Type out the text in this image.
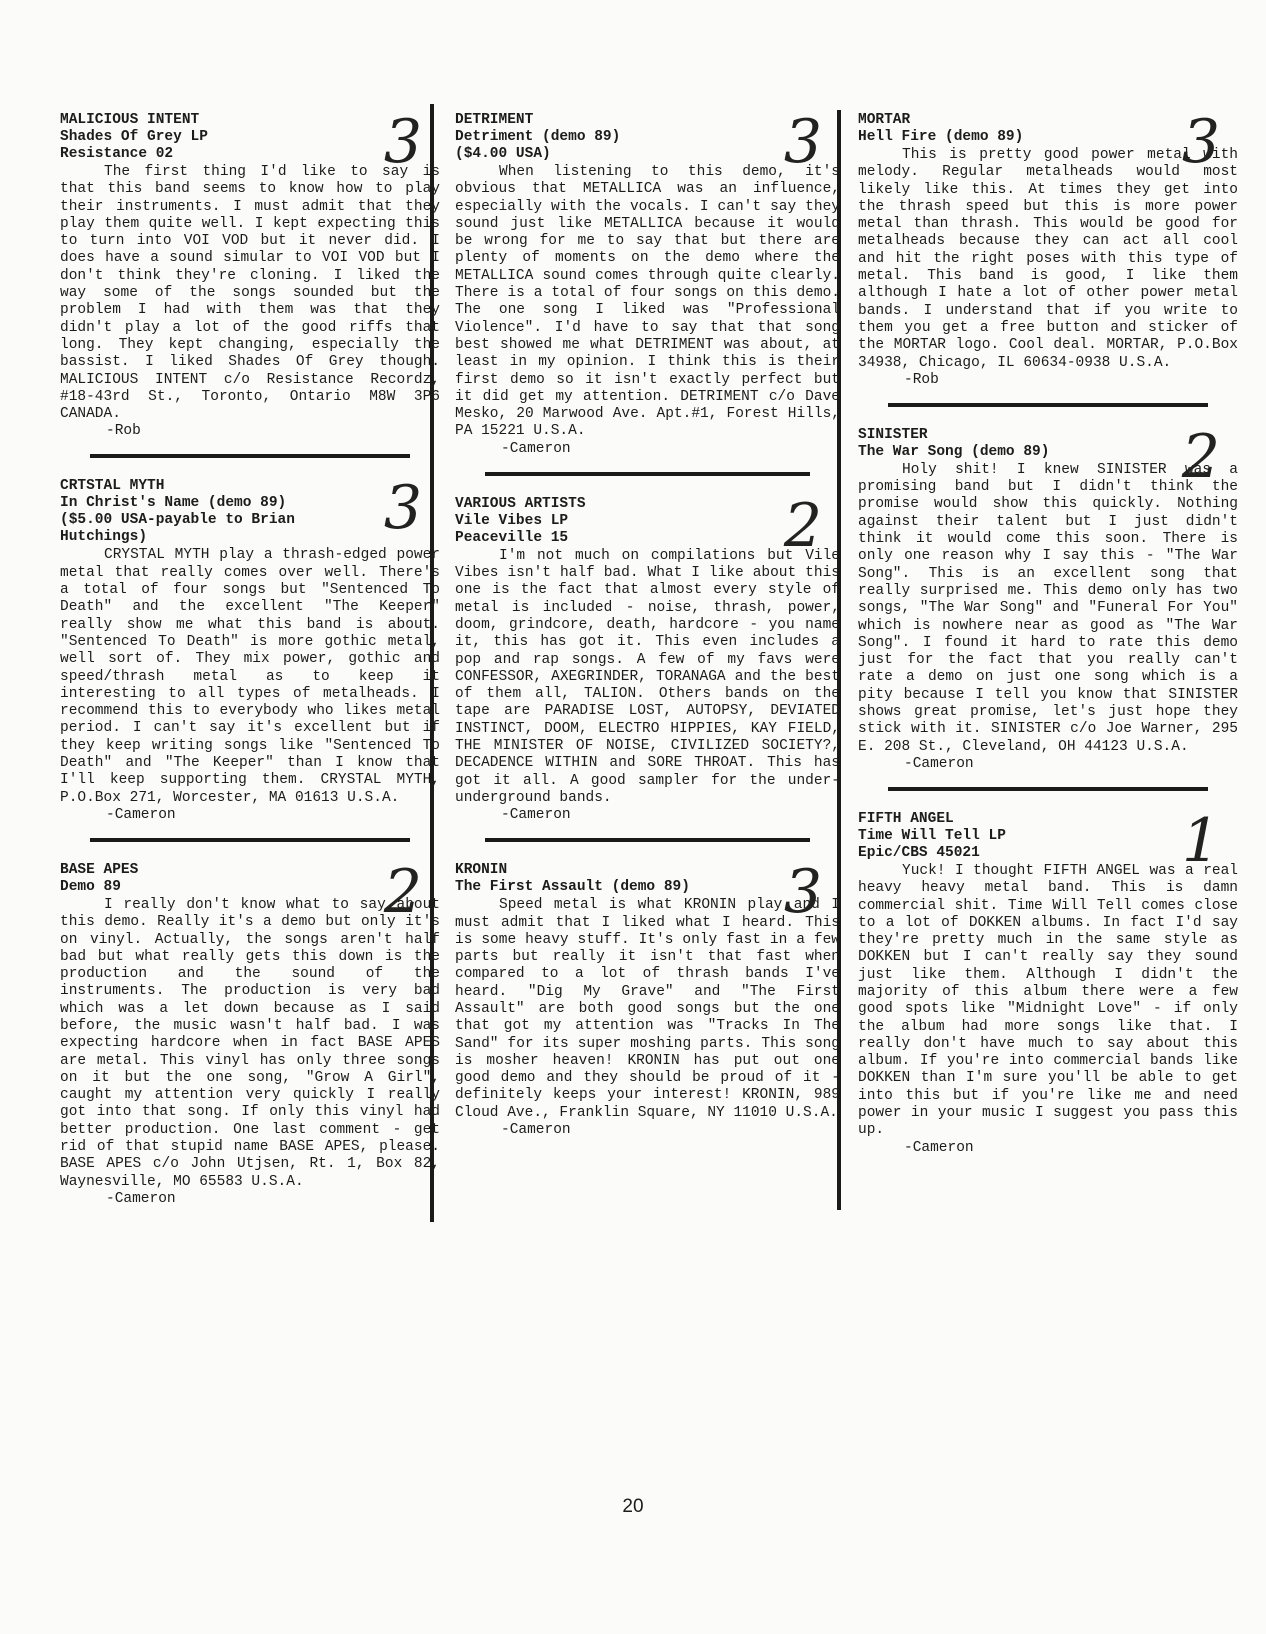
MALICIOUS INTENT
Shades Of Grey LP
Resistance 02	3
The first thing I'd like to say is that this band seems to know how to play their instruments. I must admit that they play them quite well. I kept expecting this to turn into VOI VOD but it never did. I does have a sound simular to VOI VOD but I don't think they're cloning. I liked the way some of the songs sounded but the problem I had with them was that they didn't play a lot of the good riffs that long. They kept changing, especially the bassist. I liked Shades Of Grey though. MALICIOUS INTENT c/o Resistance Recordz, #18-43rd St., Toronto, Ontario M8W 3P6 CANADA.
-Rob
CRTSTAL MYTH
In Christ's Name (demo 89)
($5.00 USA-payable to Brian
Hutchings)	3
CRYSTAL MYTH play a thrash-edged power metal that really comes over well. There's a total of four songs but "Sentenced To Death" and the excellent "The Keeper" really show me what this band is about. "Sentenced To Death" is more gothic metal, well sort of. They mix power, gothic and speed/thrash metal as to keep it interesting to all types of metalheads. I recommend this to everybody who likes metal period. I can't say it's excellent but if they keep writing songs like "Sentenced To Death" and "The Keeper" than I know that I'll keep supporting them. CRYSTAL MYTH, P.O.Box 271, Worcester, MA 01613 U.S.A.
-Cameron
BASE APES
Demo 89	2
I really don't know what to say about this demo. Really it's a demo but only it's on vinyl. Actually, the songs aren't half bad but what really gets this down is the production and the sound of the instruments. The production is very bad which was a let down because as I said before, the music wasn't half bad. I was expecting hardcore when in fact BASE APES are metal. This vinyl has only three songs on it but the one song, "Grow A Girl", caught my attention very quickly I really got into that song. If only this vinyl had better production. One last comment - get rid of that stupid name BASE APES, please. BASE APES c/o John Utjsen, Rt. 1, Box 82, Waynesville, MO 65583 U.S.A.
-Cameron
DETRIMENT
Detriment (demo 89)
($4.00 USA)	3
When listening to this demo, it's obvious that METALLICA was an influence, especially with the vocals. I can't say they sound just like METALLICA because it would be wrong for me to say that but there are plenty of moments on the demo where the METALLICA sound comes through quite clearly. There is a total of four songs on this demo. The one song I liked was "Professional Violence". I'd have to say that that song best showed me what DETRIMENT was about, at least in my opinion. I think this is their first demo so it isn't exactly perfect but it did get my attention. DETRIMENT c/o Dave Mesko, 20 Marwood Ave. Apt.#1, Forest Hills, PA 15221 U.S.A.
-Cameron
VARIOUS ARTISTS
Vile Vibes LP
Peaceville 15	2
I'm not much on compilations but Vile Vibes isn't half bad. What I like about this one is the fact that almost every style of metal is included - noise, thrash, power, doom, grindcore, death, hardcore - you name it, this has got it. This even includes a pop and rap songs. A few of my favs were CONFESSOR, AXEGRINDER, TORANAGA and the best of them all, TALION. Others bands on the tape are PARADISE LOST, AUTOPSY, DEVIATED INSTINCT, DOOM, ELECTRO HIPPIES, KAY FIELD, THE MINISTER OF NOISE, CIVILIZED SOCIETY?, DECADENCE WITHIN and SORE THROAT. This has got it all. A good sampler for the under-underground bands.
-Cameron
KRONIN
The First Assault (demo 89)	3
Speed metal is what KRONIN play and I must admit that I liked what I heard. This is some heavy stuff. It's only fast in a few parts but really it isn't that fast when compared to a lot of thrash bands I've heard. "Dig My Grave" and "The First Assault" are both good songs but the one that got my attention was "Tracks In The Sand" for its super moshing parts. This song is mosher heaven! KRONIN has put out one good demo and they should be proud of it - definitely keeps your interest! KRONIN, 989 Cloud Ave., Franklin Square, NY 11010 U.S.A.
-Cameron
MORTAR
Hell Fire (demo 89)	3
This is pretty good power metal with melody. Regular metalheads would most likely like this. At times they get into the thrash speed but this is more power metal than thrash. This would be good for metalheads because they can act all cool and hit the right poses with this type of metal. This band is good, I like them although I hate a lot of other power metal bands. I understand that if you write to them you get a free button and sticker of the MORTAR logo. Cool deal. MORTAR, P.O.Box 34938, Chicago, IL 60634-0938 U.S.A.
-Rob
SINISTER
The War Song (demo 89)	2
Holy shit! I knew SINISTER was a promising band but I didn't think the promise would show this quickly. Nothing against their talent but I just didn't think it would come this soon. There is only one reason why I say this - "The War Song". This is an excellent song that really surprised me. This demo only has two songs, "The War Song" and "Funeral For You" which is nowhere near as good as "The War Song". I found it hard to rate this demo just for the fact that you really can't rate a demo on just one song which is a pity because I tell you know that SINISTER shows great promise, let's just hope they stick with it. SINISTER c/o Joe Warner, 295 E. 208 St., Cleveland, OH 44123 U.S.A.
-Cameron
FIFTH ANGEL
Time Will Tell LP
Epic/CBS 45021	1
Yuck! I thought FIFTH ANGEL was a real heavy heavy metal band. This is damn commercial shit. Time Will Tell comes close to a lot of DOKKEN albums. In fact I'd say they're pretty much in the same style as DOKKEN but I can't really say they sound just like them. Although I didn't the majority of this album there were a few good spots like "Midnight Love" - if only the album had more songs like that. I really don't have much to say about this album. If you're into commercial bands like DOKKEN than I'm sure you'll be able to get into this but if you're like me and need power in your music I suggest you pass this up.
-Cameron
20
